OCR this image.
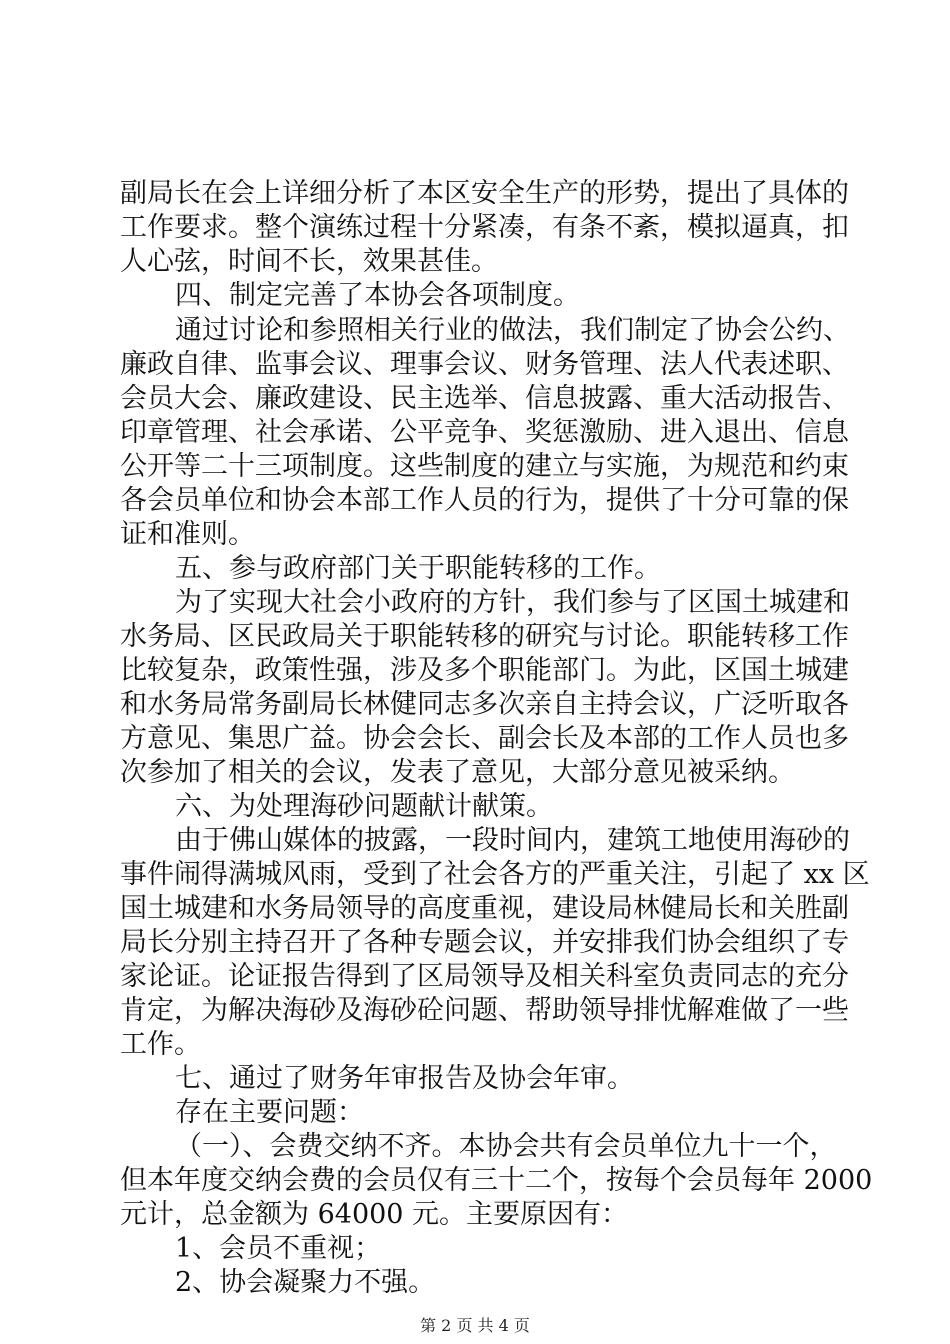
副局长在会上详细分析了本区安全生产的形势，提出了具体的
工作要求。整个演练过程十分紧凑，有条不紊，模拟逼真，扣
人心弦，时间不长，效果甚佳。
四、制定完善了本协会各项制度。
通过讨论和参照相关行业的做法，我们制定了协会公约、
廉政自律、监事会议、理事会议、财务管理、法人代表述职、
会员大会、廉政建设、民主选举、信息披露、重大活动报告、
印章管理、社会承诺、公平竞争、奖惩激励、进入退出、信息
公开等二十三项制度。这些制度的建立与实施，为规范和约束
各会员单位和协会本部工作人员的行为，提供了十分可靠的保
证和准则。
五、参与政府部门关于职能转移的工作。
为了实现大社会小政府的方针，我们参与了区国土城建和
水务局、区民政局关于职能转移的研究与讨论。职能转移工作
比较复杂，政策性强，涉及多个职能部门。为此，区国土城建
和水务局常务副局长林健同志多次亲自主持会议，广泛听取各
方意见、集思广益。协会会长、副会长及本部的工作人员也多
次参加了相关的会议，发表了意见，大部分意见被采纳。
六、为处理海砂问题献计献策。
由于佛山媒体的披露，一段时间内，建筑工地使用海砂的
事件闹得满城风雨，受到了社会各方的严重关注，引起了 xx 区
国土城建和水务局领导的高度重视，建设局林健局长和关胜副
局长分别主持召开了各种专题会议，并安排我们协会组织了专
家论证。论证报告得到了区局领导及相关科室负责同志的充分
肯定，为解决海砂及海砂砼问题、帮助领导排忧解难做了一些
工作。
七、通过了财务年审报告及协会年审。
存在主要问题：
（一）、会费交纳不齐。本协会共有会员单位九十一个，
但本年度交纳会费的会员仅有三十二个，按每个会员每年 2000
元计，总金额为 64000 元。主要原因有：
1、会员不重视；
2、协会凝聚力不强。
第 2 页 共 4 页
